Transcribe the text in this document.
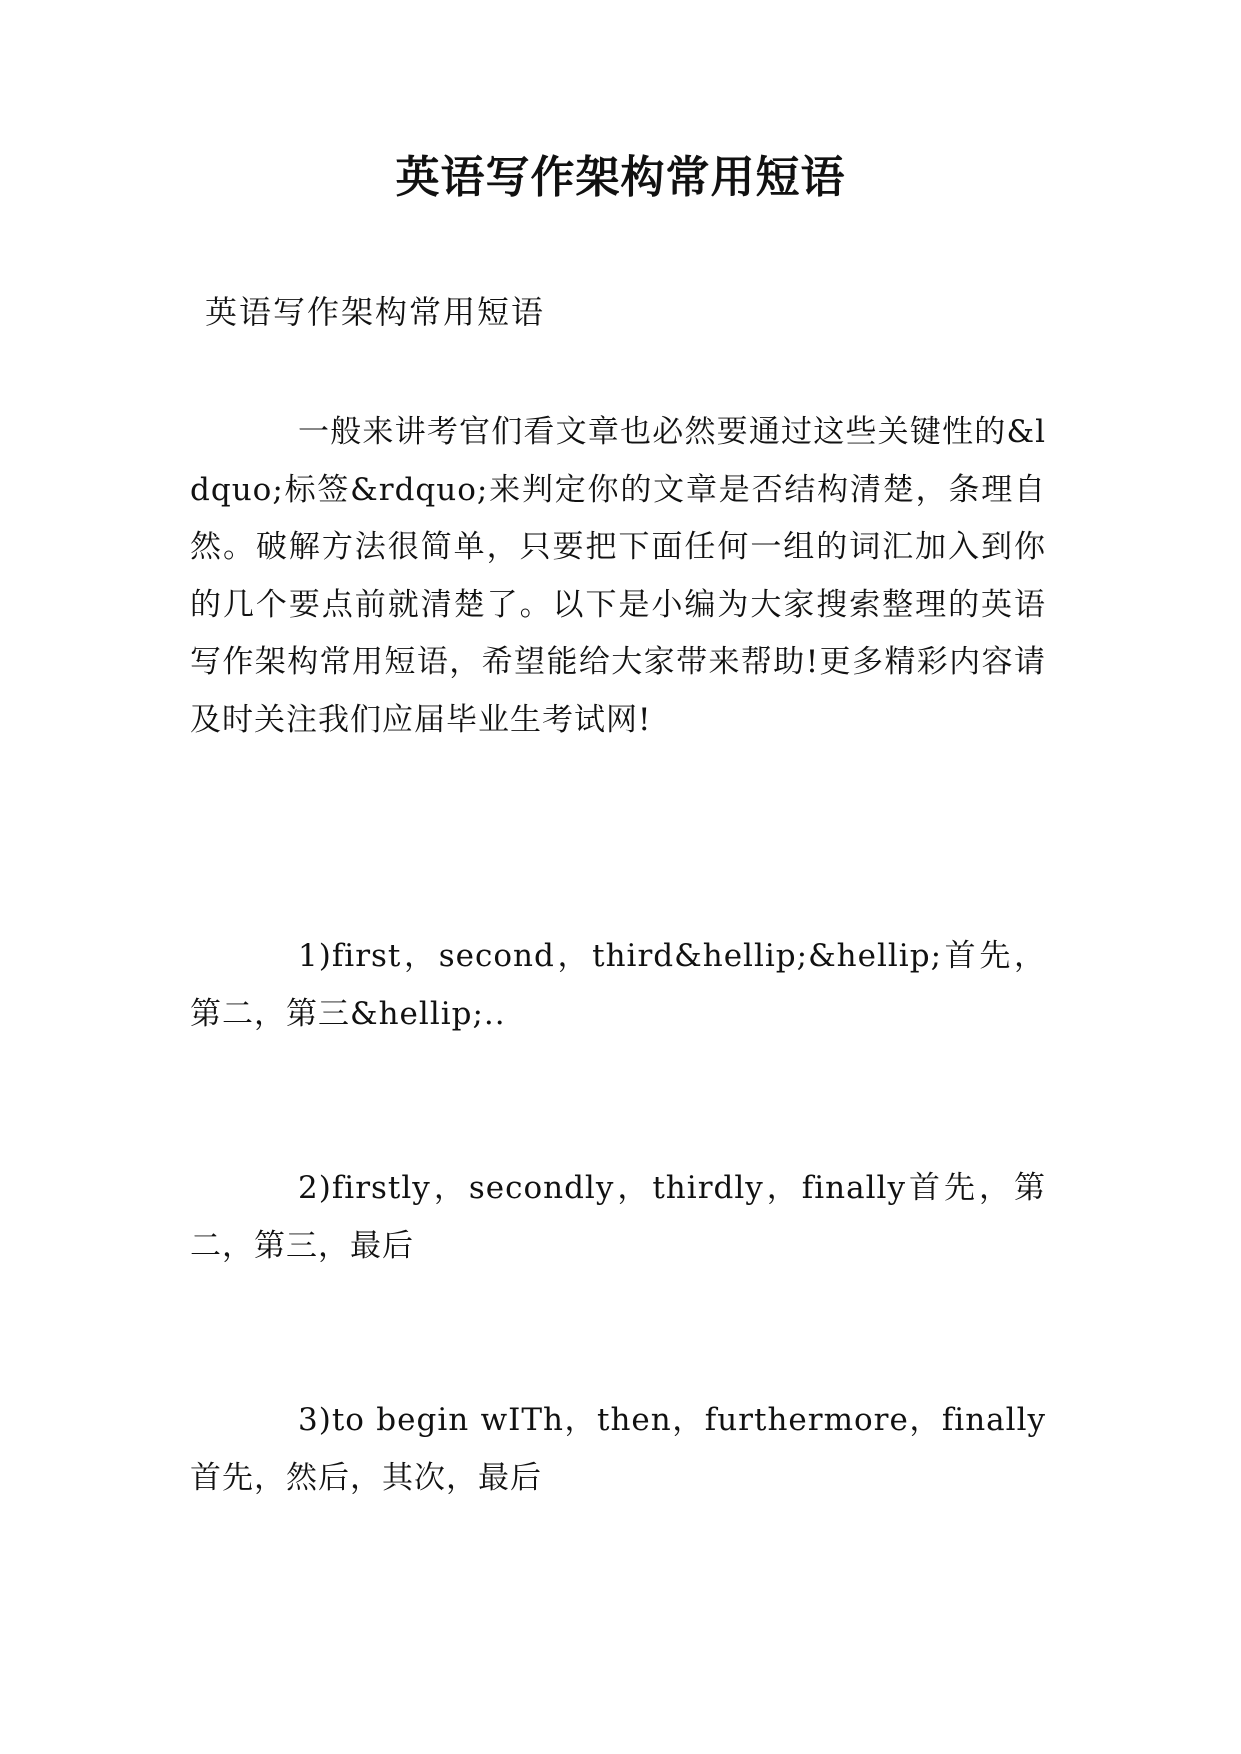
英语写作架构常用短语
英语写作架构常用短语

一般来讲考官们看文章也必然要通过这些关键性的&ldquo;标签&rdquo;来判定你的文章是否结构清楚，条理自然。破解方法很简单，只要把下面任何一组的词汇加入到你的几个要点前就清楚了。以下是小编为大家搜索整理的英语写作架构常用短语，希望能给大家带来帮助!更多精彩内容请及时关注我们应届毕业生考试网!

1)first，second，third&hellip;&hellip;首先，第二，第三&hellip;..

2)firstly，secondly，thirdly，finally首先，第二，第三，最后

3)to begin wITh，then，furthermore，finally首先，然后，其次，最后
